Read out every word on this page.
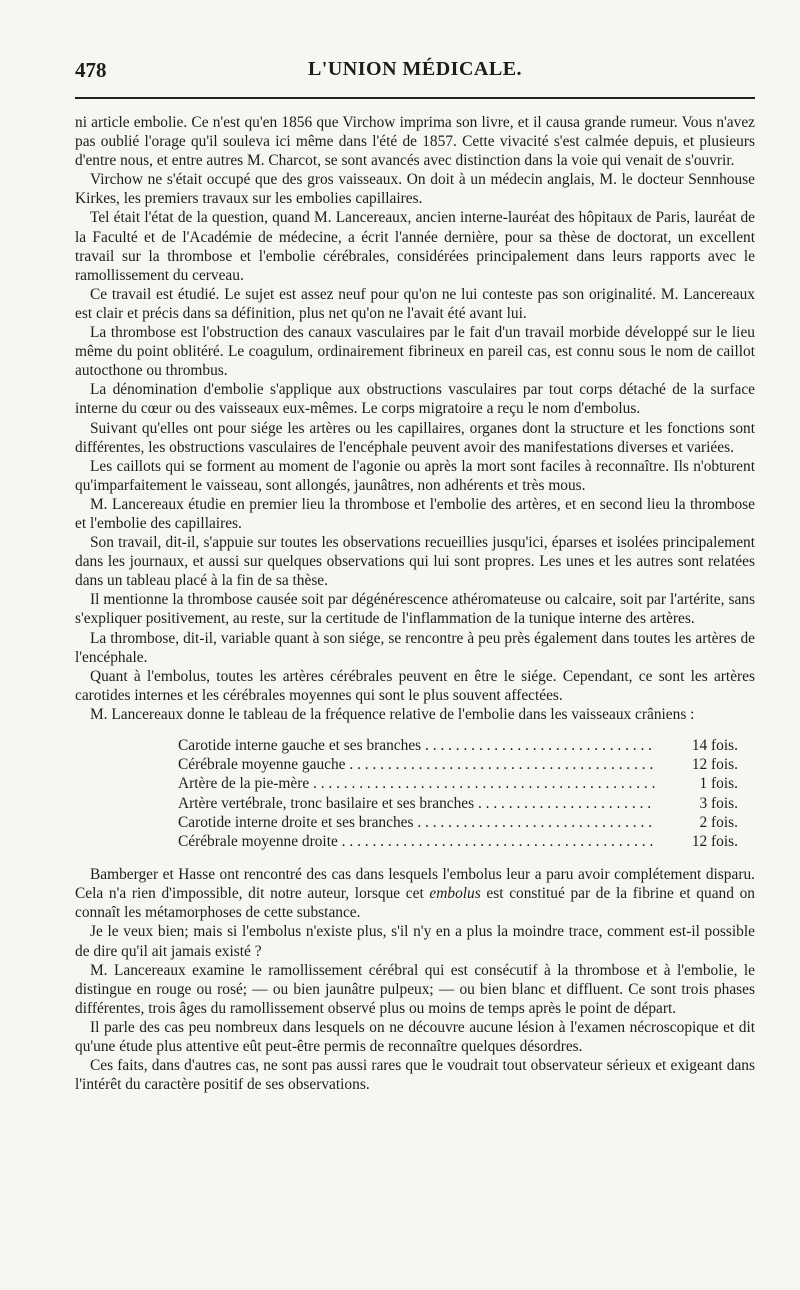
478	L'UNION MÉDICALE.

ni article embolie. Ce n'est qu'en 1856 que Virchow imprima son livre, et il causa grande rumeur. Vous n'avez pas oublié l'orage qu'il souleva ici même dans l'été de 1857. Cette vivacité s'est calmée depuis, et plusieurs d'entre nous, et entre autres M. Charcot, se sont avancés avec distinction dans la voie qui venait de s'ouvrir.

Virchow ne s'était occupé que des gros vaisseaux. On doit à un médecin anglais, M. le docteur Sennhouse Kirkes, les premiers travaux sur les embolies capillaires.

Tel était l'état de la question, quand M. Lancereaux, ancien interne-lauréat des hôpitaux de Paris, lauréat de la Faculté et de l'Académie de médecine, a écrit l'année dernière, pour sa thèse de doctorat, un excellent travail sur la thrombose et l'embolie cérébrales, considérées principalement dans leurs rapports avec le ramollissement du cerveau.

Ce travail est étudié. Le sujet est assez neuf pour qu'on ne lui conteste pas son originalité. M. Lancereaux est clair et précis dans sa définition, plus net qu'on ne l'avait été avant lui.

La thrombose est l'obstruction des canaux vasculaires par le fait d'un travail morbide développé sur le lieu même du point oblitéré. Le coagulum, ordinairement fibrineux en pareil cas, est connu sous le nom de caillot autocthone ou thrombus.

La dénomination d'embolie s'applique aux obstructions vasculaires par tout corps détaché de la surface interne du cœur ou des vaisseaux eux-mêmes. Le corps migratoire a reçu le nom d'embolus.

Suivant qu'elles ont pour siége les artères ou les capillaires, organes dont la structure et les fonctions sont différentes, les obstructions vasculaires de l'encéphale peuvent avoir des manifestations diverses et variées.

Les caillots qui se forment au moment de l'agonie ou après la mort sont faciles à reconnaître. Ils n'obturent qu'imparfaitement le vaisseau, sont allongés, jaunâtres, non adhérents et très mous.

M. Lancereaux étudie en premier lieu la thrombose et l'embolie des artères, et en second lieu la thrombose et l'embolie des capillaires.

Son travail, dit-il, s'appuie sur toutes les observations recueillies jusqu'ici, éparses et isolées principalement dans les journaux, et aussi sur quelques observations qui lui sont propres. Les unes et les autres sont relatées dans un tableau placé à la fin de sa thèse.

Il mentionne la thrombose causée soit par dégénérescence athéromateuse ou calcaire, soit par l'artérite, sans s'expliquer positivement, au reste, sur la certitude de l'inflammation de la tunique interne des artères.

La thrombose, dit-il, variable quant à son siége, se rencontre à peu près également dans toutes les artères de l'encéphale.

Quant à l'embolus, toutes les artères cérébrales peuvent en être le siége. Cependant, ce sont les artères carotides internes et les cérébrales moyennes qui sont le plus souvent affectées.

M. Lancereaux donne le tableau de la fréquence relative de l'embolie dans les vaisseaux crâniens :

Carotide interne gauche et ses branches . . .	14 fois.
Cérébrale moyenne gauche . . .	12 fois.
Artère de la pie-mère . . .	1 fois.
Artère vertébrale, tronc basilaire et ses branches . . .	3 fois.
Carotide interne droite et ses branches . . .	2 fois.
Cérébrale moyenne droite . . .	12 fois.

Bamberger et Hasse ont rencontré des cas dans lesquels l'embolus leur a paru avoir complétement disparu. Cela n'a rien d'impossible, dit notre auteur, lorsque cet embolus est constitué par de la fibrine et quand on connaît les métamorphoses de cette substance.

Je le veux bien; mais si l'embolus n'existe plus, s'il n'y en a plus la moindre trace, comment est-il possible de dire qu'il ait jamais existé ?

M. Lancereaux examine le ramollissement cérébral qui est consécutif à la thrombose et à l'embolie, le distingue en rouge ou rosé; — ou bien jaunâtre pulpeux; — ou bien blanc et diffluent. Ce sont trois phases différentes, trois âges du ramollissement observé plus ou moins de temps après le point de départ.

Il parle des cas peu nombreux dans lesquels on ne découvre aucune lésion à l'examen nécroscopique et dit qu'une étude plus attentive eût peut-être permis de reconnaître quelques désordres.

Ces faits, dans d'autres cas, ne sont pas aussi rares que le voudrait tout observateur sérieux et exigeant dans l'intérêt du caractère positif de ses observations.
